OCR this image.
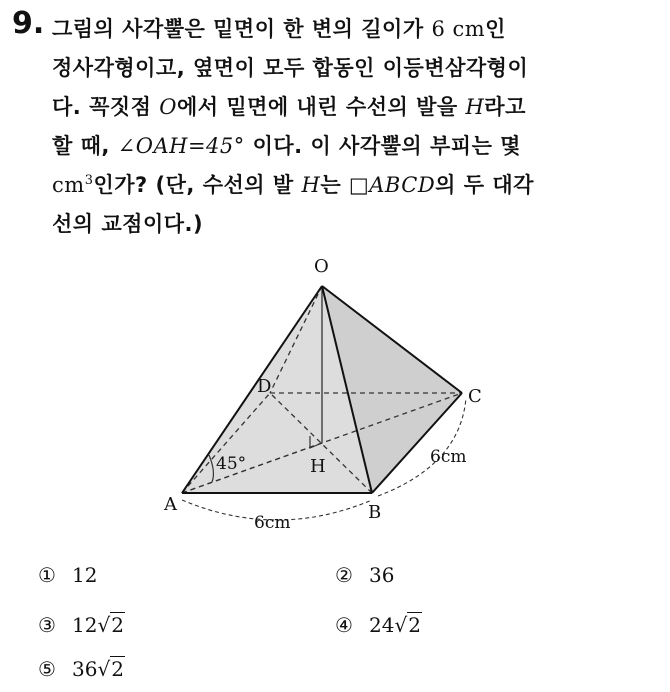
9. 그림의 사각뿔은 밑면이 한 변의 길이가 6 cm인
정사각형이고, 옆면이 모두 합동인 이등변삼각형이
다. 꼭짓점 O에서 밑면에 내린 수선의 발을 H라고
할 때, ∠OAH=45° 이다. 이 사각뿔의 부피는 몇
$cm^3$인가? (단, 수선의 발 H는 □ABCD의 두 대각
선의 교점이다.)
O
D	C
H
A	B
45°
6cm
6cm
① 12	② 36
③ 12√2	④ 24√2
⑤ 36√2
